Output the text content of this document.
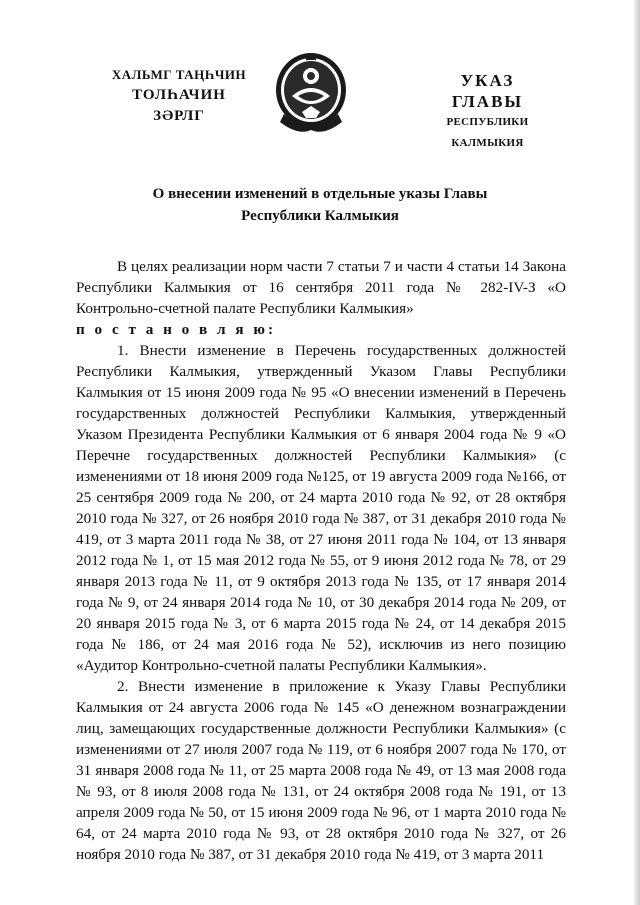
ХАЛЬМГ ТАҢҺЧИН
ТОЛҺАЧИН
ЗӘРЛГ
УКАЗ
ГЛАВЫ
РЕСПУБЛИКИ КАЛМЫКИЯ
О внесении изменений в отдельные указы Главы
Республики Калмыкия

В целях реализации норм части 7 статьи 7 и части 4 статьи 14 Закона Республики Калмыкия от 16 сентября 2011 года № 282-IV-З «О Контрольно-счетной палате Республики Калмыкия»

п о с т а н о в л я ю:

1. Внести изменение в Перечень государственных должностей Республики Калмыкия, утвержденный Указом Главы Республики Калмыкия от 15 июня 2009 года № 95 «О внесении изменений в Перечень государственных должностей Республики Калмыкия, утвержденный Указом Президента Республики Калмыкия от 6 января 2004 года № 9 «О Перечне государственных должностей Республики Калмыкия» (с изменениями от 18 июня 2009 года №125, от 19 августа 2009 года №166, от 25 сентября 2009 года № 200, от 24 марта 2010 года № 92, от 28 октября 2010 года № 327, от 26 ноября 2010 года № 387, от 31 декабря 2010 года № 419, от 3 марта 2011 года № 38, от 27 июня 2011 года № 104, от 13 января 2012 года № 1, от 15 мая 2012 года № 55, от 9 июня 2012 года № 78, от 29 января 2013 года № 11, от 9 октября 2013 года № 135, от 17 января 2014 года № 9, от 24 января 2014 года № 10, от 30 декабря 2014 года № 209, от 20 января 2015 года № 3, от 6 марта 2015 года № 24, от 14 декабря 2015 года № 186, от 24 мая 2016 года № 52), исключив из него позицию «Аудитор Контрольно-счетной палаты Республики Калмыкия».

2. Внести изменение в приложение к Указу Главы Республики Калмыкия от 24 августа 2006 года № 145 «О денежном вознаграждении лиц, замещающих государственные должности Республики Калмыкия» (с изменениями от 27 июля 2007 года № 119, от 6 ноября 2007 года № 170, от 31 января 2008 года № 11, от 25 марта 2008 года № 49, от 13 мая 2008 года № 93, от 8 июля 2008 года № 131, от 24 октября 2008 года № 191, от 13 апреля 2009 года № 50, от 15 июня 2009 года № 96, от 1 марта 2010 года № 64, от 24 марта 2010 года № 93, от 28 октября 2010 года № 327, от 26 ноября 2010 года № 387, от 31 декабря 2010 года № 419, от 3 марта 2011
